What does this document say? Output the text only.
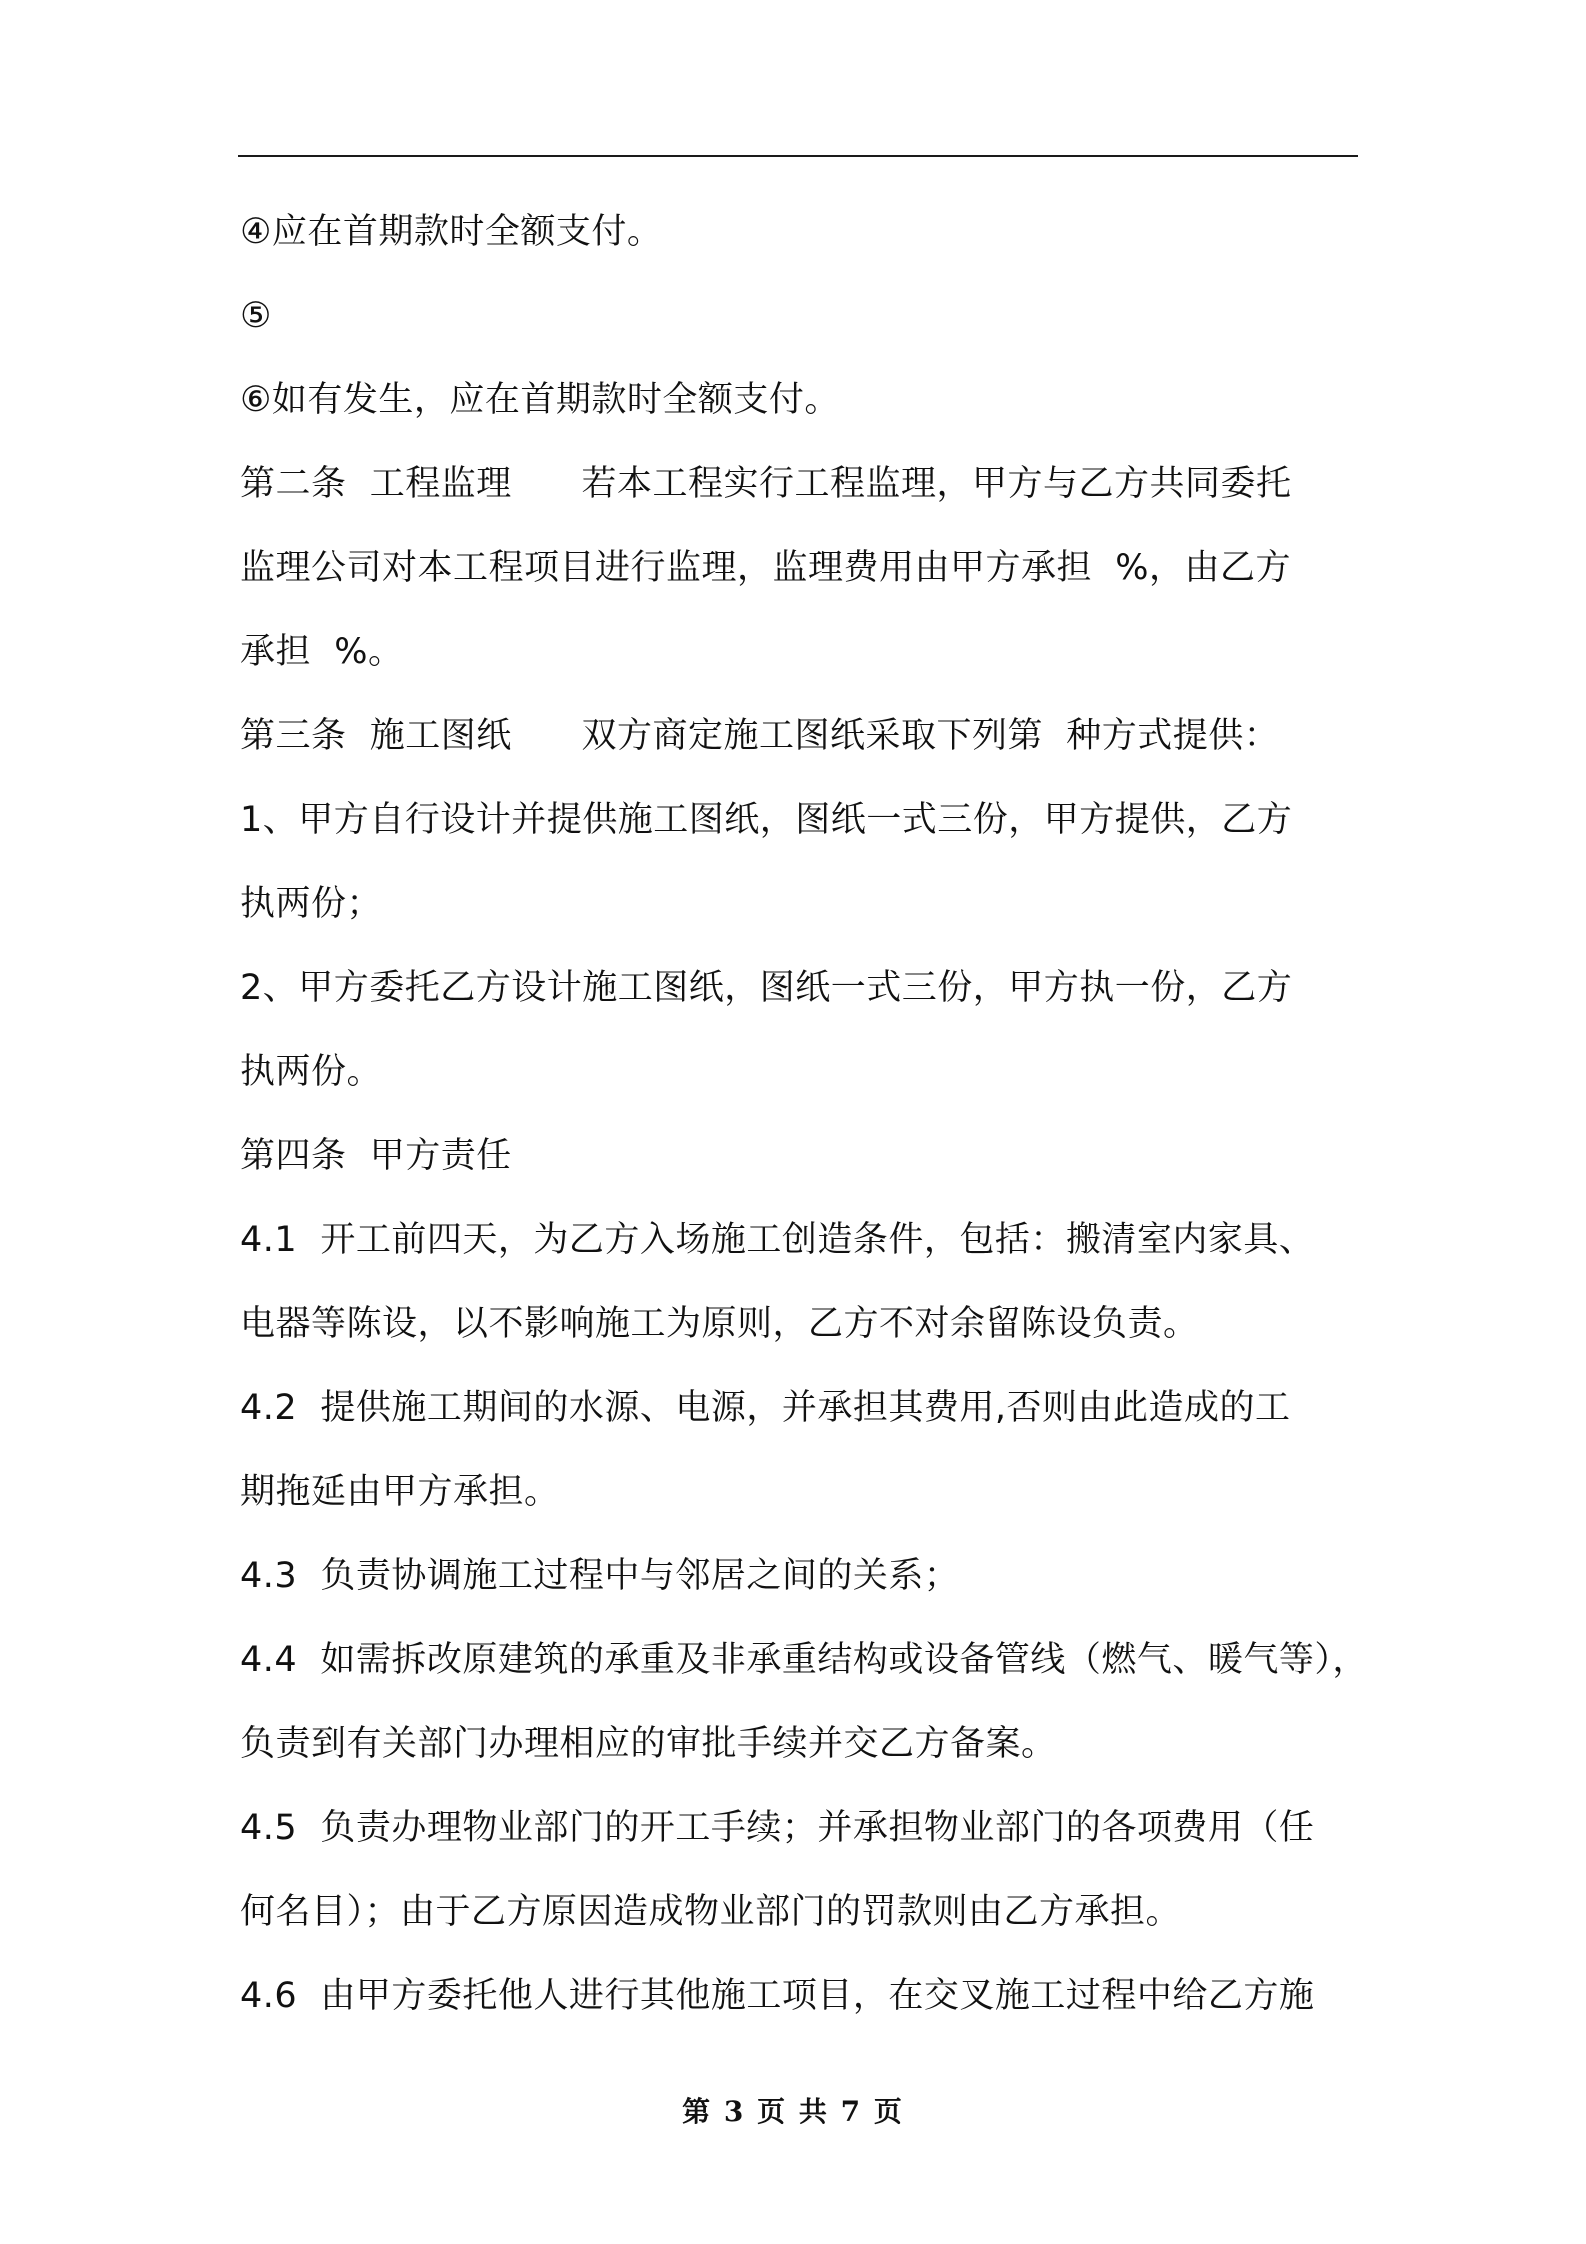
④应在首期款时全额支付。
⑤
⑥如有发生，应在首期款时全额支付。
第二条  工程监理      若本工程实行工程监理，甲方与乙方共同委托
监理公司对本工程项目进行监理，监理费用由甲方承担  %，由乙方
承担  %。
第三条  施工图纸      双方商定施工图纸采取下列第  种方式提供：
1、甲方自行设计并提供施工图纸，图纸一式三份，甲方提供，乙方
执两份；
2、甲方委托乙方设计施工图纸，图纸一式三份，甲方执一份，乙方
执两份。
第四条  甲方责任
4.1  开工前四天，为乙方入场施工创造条件，包括：搬清室内家具、
电器等陈设，以不影响施工为原则，乙方不对余留陈设负责。
4.2  提供施工期间的水源、电源，并承担其费用,否则由此造成的工
期拖延由甲方承担。
4.3  负责协调施工过程中与邻居之间的关系；
4.4  如需拆改原建筑的承重及非承重结构或设备管线（燃气、暖气等），
负责到有关部门办理相应的审批手续并交乙方备案。
4.5  负责办理物业部门的开工手续；并承担物业部门的各项费用（任
何名目）；由于乙方原因造成物业部门的罚款则由乙方承担。
4.6  由甲方委托他人进行其他施工项目，在交叉施工过程中给乙方施
第 3 页 共 7 页
